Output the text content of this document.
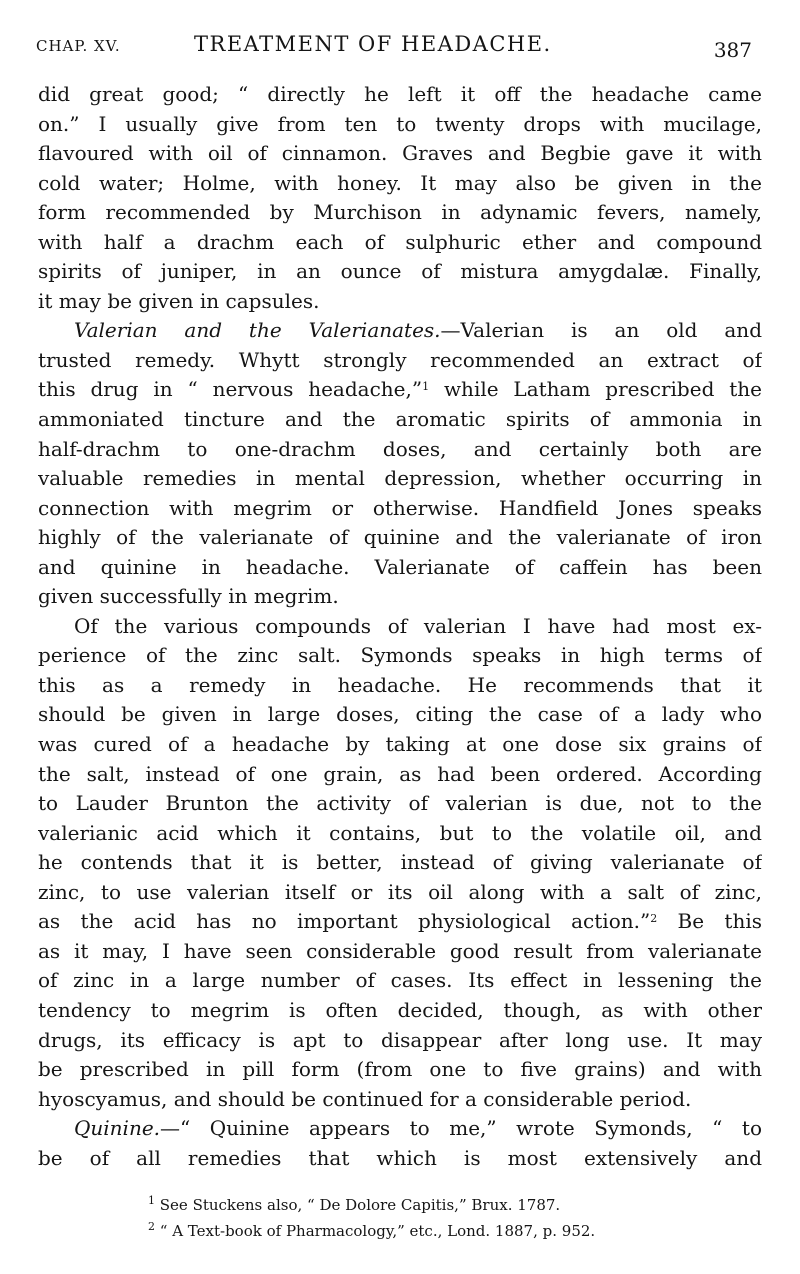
CHAP. XV.	TREATMENT OF HEADACHE.	387
did great good; “ directly he left it off the headache came
on.” I usually give from ten to twenty drops with mucilage,
flavoured with oil of cinnamon. Graves and Begbie gave it with
cold water; Holme, with honey. It may also be given in the
form recommended by Murchison in adynamic fevers, namely,
with half a drachm each of sulphuric ether and compound
spirits of juniper, in an ounce of mistura amygdalæ. Finally,
it may be given in capsules.
Valerian and the Valerianates.—Valerian is an old and
trusted remedy. Whytt strongly recommended an extract of
this drug in “ nervous headache,”$^1$ while Latham prescribed the
ammoniated tincture and the aromatic spirits of ammonia in
half-drachm to one-drachm doses, and certainly both are
valuable remedies in mental depression, whether occurring in
connection with megrim or otherwise. Handfield Jones speaks
highly of the valerianate of quinine and the valerianate of iron
and quinine in headache. Valerianate of caffein has been
given successfully in megrim.
Of the various compounds of valerian I have had most ex-
perience of the zinc salt. Symonds speaks in high terms of
this as a remedy in headache. He recommends that it
should be given in large doses, citing the case of a lady who
was cured of a headache by taking at one dose six grains of
the salt, instead of one grain, as had been ordered. According
to Lauder Brunton the activity of valerian is due, not to the
valerianic acid which it contains, but to the volatile oil, and
he contends that it is better, instead of giving valerianate of
zinc, to use valerian itself or its oil along with a salt of zinc,
as the acid has no important physiological action.”$^2$ Be this
as it may, I have seen considerable good result from valerianate
of zinc in a large number of cases. Its effect in lessening the
tendency to megrim is often decided, though, as with other
drugs, its efficacy is apt to disappear after long use. It may
be prescribed in pill form (from one to five grains) and with
hyoscyamus, and should be continued for a considerable period.
Quinine.—“ Quinine appears to me,” wrote Symonds, “ to
be of all remedies that which is most extensively and
$^1$ See Stuckens also, “ De Dolore Capitis,” Brux. 1787.
$^2$ “ A Text-book of Pharmacology,” etc., Lond. 1887, p. 952.
